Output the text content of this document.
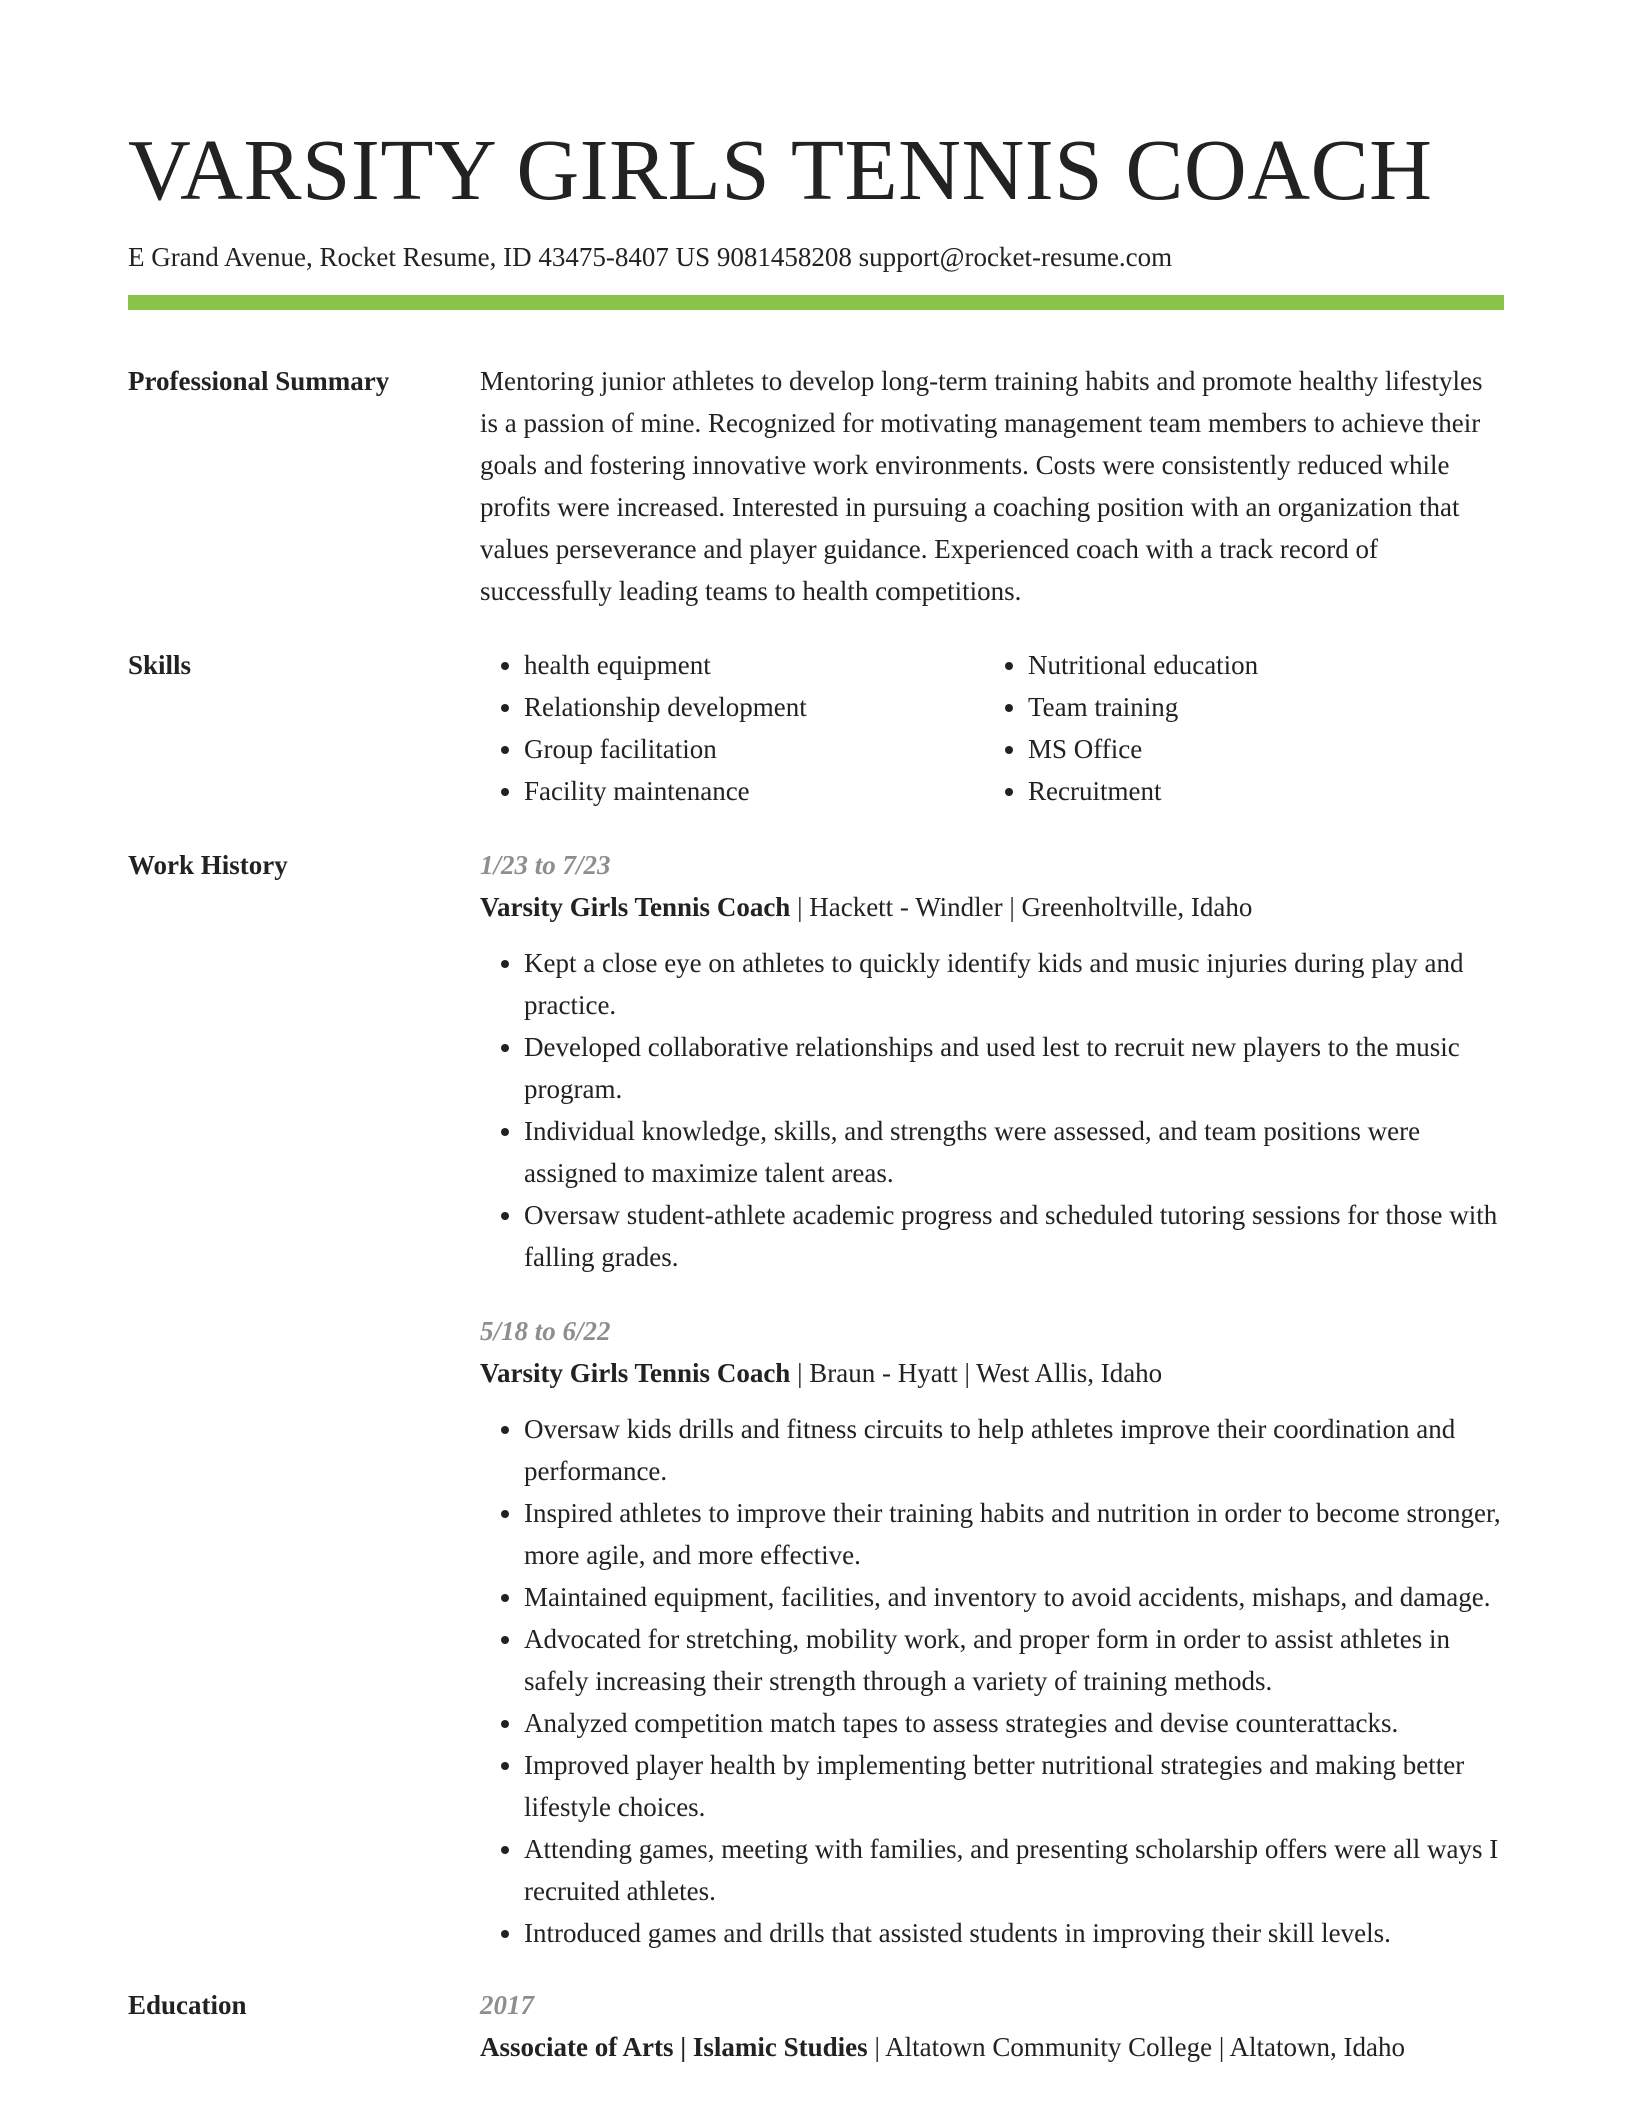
VARSITY GIRLS TENNIS COACH
E Grand Avenue, Rocket Resume, ID 43475-8407 US 9081458208 support@rocket-resume.com
Professional Summary	Mentoring junior athletes to develop long-term training habits and promote healthy lifestyles is a passion of mine. Recognized for motivating management team members to achieve their goals and fostering innovative work environments. Costs were consistently reduced while profits were increased. Interested in pursuing a coaching position with an organization that values perseverance and player guidance. Experienced coach with a track record of successfully leading teams to health competitions.

Skills
•	health equipment
• Relationship development
• Group facilitation
• Facility maintenance
• Nutritional education
• Team training
• MS Office
• Recruitment
Work History	1/23 to 7/23
Varsity Girls Tennis Coach | Hackett - Windler | Greenholtville, Idaho
• Kept a close eye on athletes to quickly identify kids and music injuries during play and practice.
• Developed collaborative relationships and used lest to recruit new players to the music program.
• Individual knowledge, skills, and strengths were assessed, and team positions were assigned to maximize talent areas.
• Oversaw student-athlete academic progress and scheduled tutoring sessions for those with falling grades.
5/18 to 6/22
Varsity Girls Tennis Coach | Braun - Hyatt | West Allis, Idaho
• Oversaw kids drills and fitness circuits to help athletes improve their coordination and performance.
• Inspired athletes to improve their training habits and nutrition in order to become stronger, more agile, and more effective.
• Maintained equipment, facilities, and inventory to avoid accidents, mishaps, and damage.
• Advocated for stretching, mobility work, and proper form in order to assist athletes in safely increasing their strength through a variety of training methods.
• Analyzed competition match tapes to assess strategies and devise counterattacks.
• Improved player health by implementing better nutritional strategies and making better lifestyle choices.
• Attending games, meeting with families, and presenting scholarship offers were all ways I recruited athletes.
• Introduced games and drills that assisted students in improving their skill levels.
Education	2017
Associate of Arts | Islamic Studies | Altatown Community College | Altatown, Idaho
